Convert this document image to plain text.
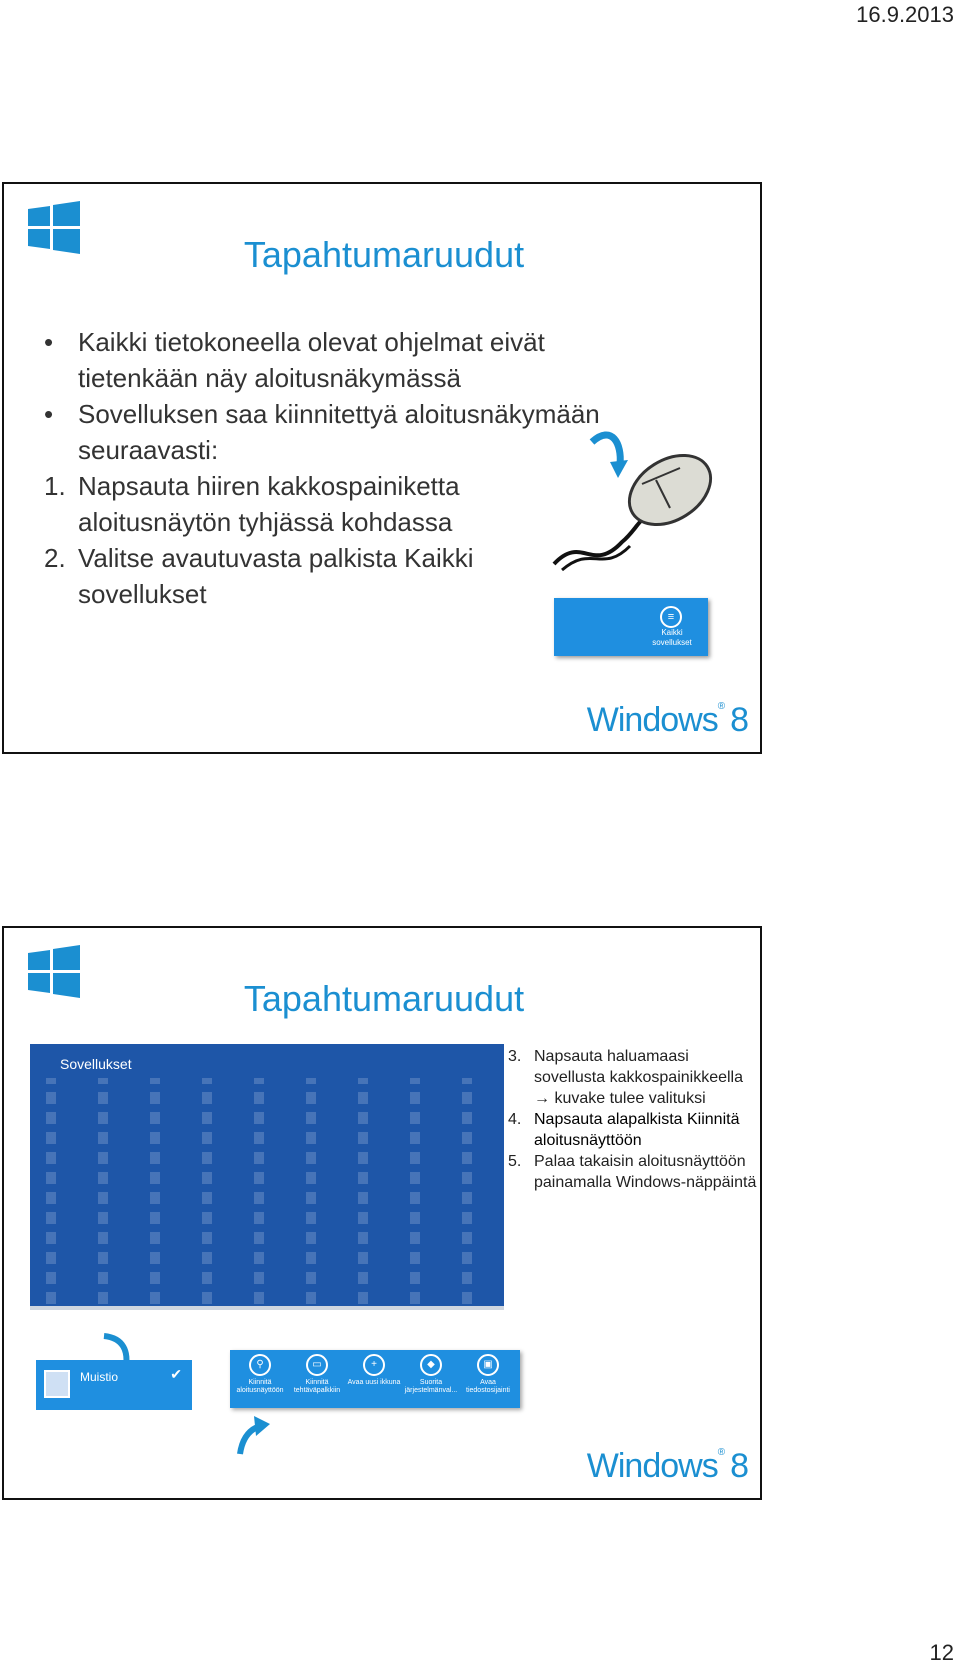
16.9.2013
Tapahtumaruudut
• Kaikki tietokoneella olevat ohjelmat eivät tietenkään näy aloitusnäkymässä
• Sovelluksen saa kiinnitettyä aloitusnäkymään seuraavasti:
1. Napsauta hiiren kakkospainiketta aloitusnäytön tyhjässä kohdassa
2. Valitse avautuvasta palkista Kaikki sovellukset
≡
Kaikki sovellukset
Windows® 8
Tapahtumaruudut
Sovellukset	3. Napsauta haluamaasi sovellusta kakkospainikkeella
→ kuvake tulee valituksi
4. Napsauta alapalkista Kiinnitä aloitusnäyttöön
5. Palaa takaisin aloitusnäyttöön painamalla Windows-näppäintä
Muistio	✔
⚲
Kiinnitä aloitusnäyttöön
▭
Kiinnitä tehtäväpalkkiin
+
Avaa uusi ikkuna
◆
Suorita järjestelmänval...
▣
Avaa tiedostosijainti
Windows® 8
12
